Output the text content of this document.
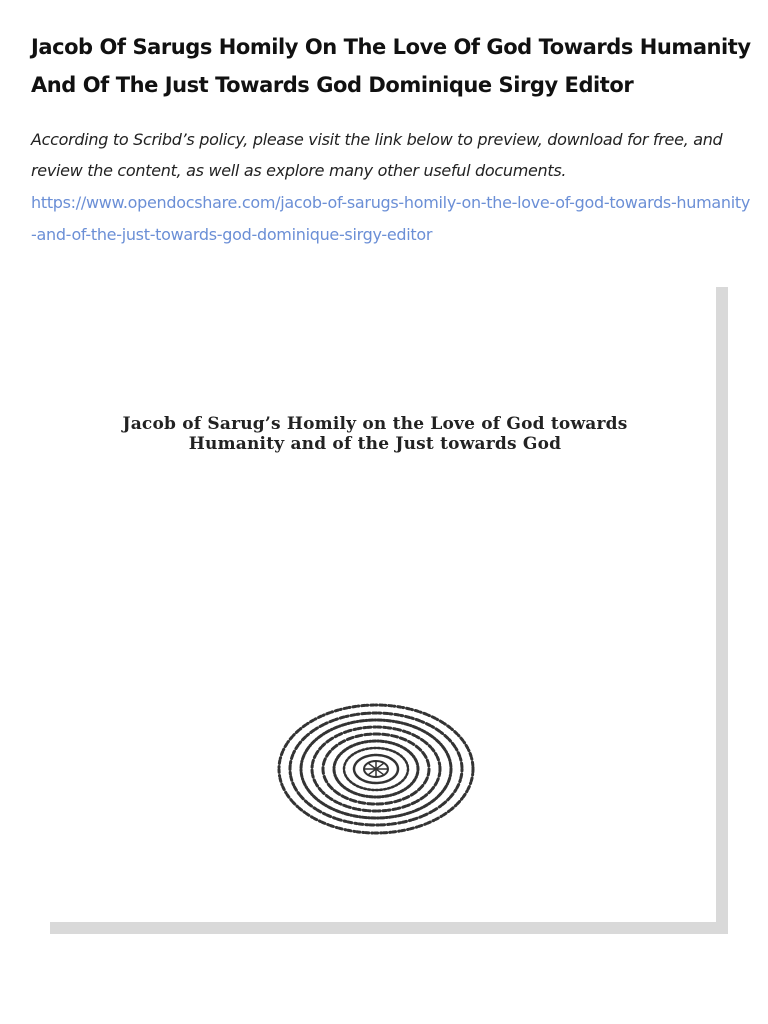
Jacob Of Sarugs Homily On The Love Of God Towards Humanity And Of The Just Towards God Dominique Sirgy Editor

According to Scribd’s policy, please visit the link below to preview, download for free, and review the content, as well as explore many other useful documents.

https://www.opendocshare.com/jacob-of-sarugs-homily-on-the-love-of-god-towards-humanity-and-of-the-just-towards-god-dominique-sirgy-editor
Jacob of Sarug’s Homily on the Love of God towards Humanity and of the Just towards God
